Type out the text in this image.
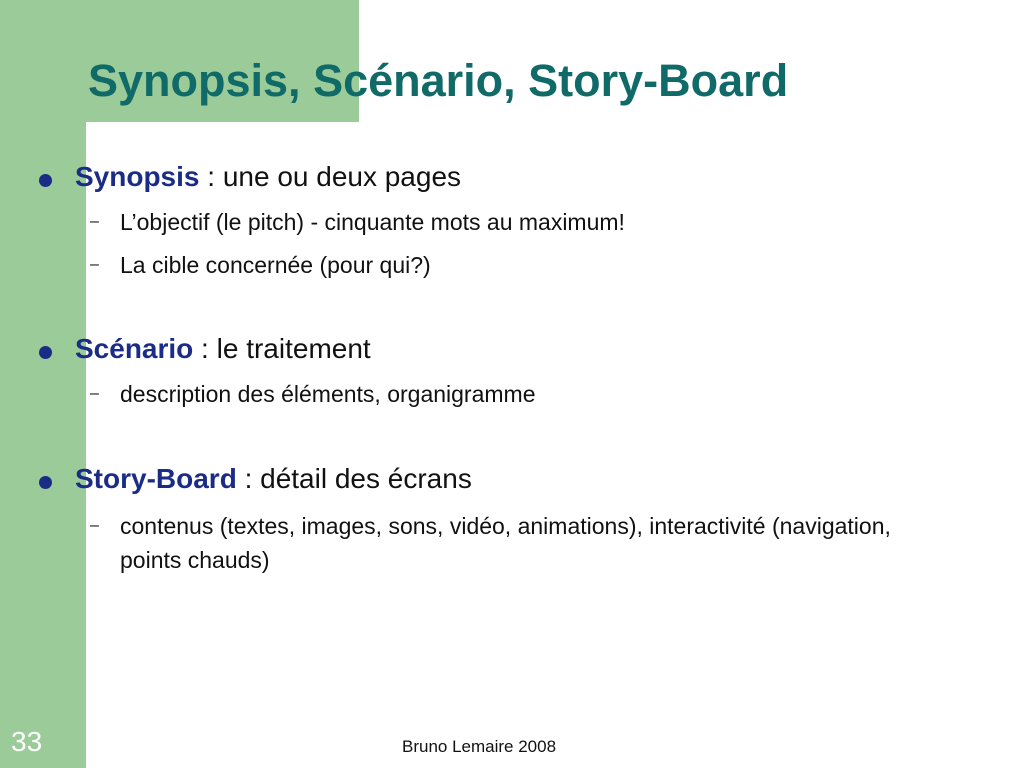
Synopsis, Scénario, Story-Board
Synopsis : une ou deux pages
– L’objectif (le pitch) - cinquante mots au maximum!
– La cible concernée (pour qui?)
Scénario : le traitement
– description des éléments, organigramme
Story-Board : détail des écrans
– contenus (textes, images, sons, vidéo, animations), interactivité (navigation, points chauds)
33	Bruno Lemaire 2008
